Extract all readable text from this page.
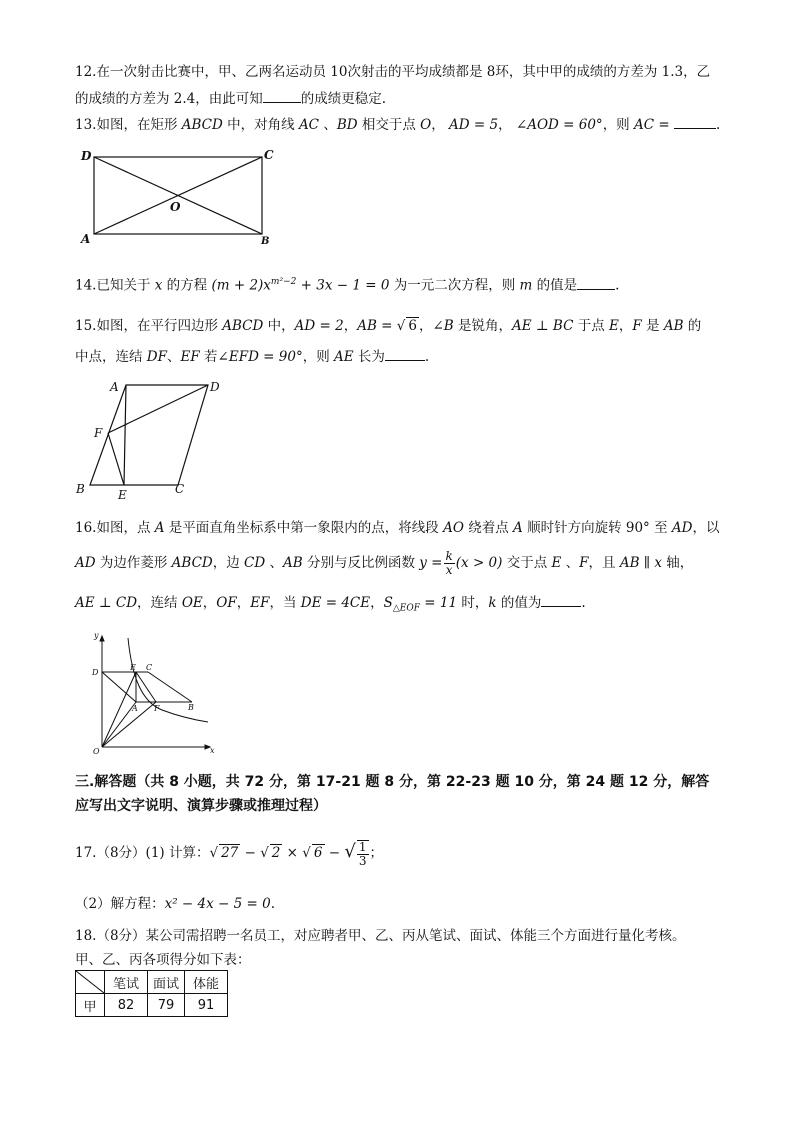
12.在一次射击比赛中，甲、乙两名运动员 10次射击的平均成绩都是 8环，其中甲的成绩的方差为 1.3，乙
的成绩的方差为 2.4，由此可知	的成绩更稳定.
13.如图，在矩形 ABCD 中，对角线 AC 、BD 相交于点 O， AD = 5， ∠AOD = 60°，则 AC =	.
D	C
O
A	B
14.已知关于 x 的方程 $(m + 2)x^{m^2-2} + 3x - 1 = 0$ 为一元二次方程，则 m 的值是	.
15.如图，在平行四边形 ABCD 中，AD = 2，AB = √ 6 ，∠B 是锐角，AE ⊥ BC 于点 E，F 是 AB 的
中点，连结 DF、EF 若∠EFD = 90°，则 AE 长为	.
A	D
F
B	E	C
16.如图，点 A 是平面直角坐标系中第一象限内的点，将线段 AO 绕着点 A 顺时针方向旋转 90° 至 AD，以
AD 为边作菱形 ABCD，边 CD 、AB 分别与反比例函数 $y = \frac{k}{x} (x > 0)$ 交于点 E 、F，且 AB ∥ x 轴，
AE ⊥ CD，连结 OE，OF，EF，当 DE = 4CE，$S_{\triangle EOF} = 11$ 时，k 的值为	.
y
x
O
D
E C
A F	B
三.解答题（共 8 小题，共 72 分，第 17-21 题 8 分，第 22-23 题 10 分，第 24 题 12 分，解答
应写出文字说明、演算步骤或推理过程）
17.（8分）(1) 计算：√ 27 − √ 2 × √ 6 − √ $\frac{1}{3}$ ；
（2）解方程：x² − 4x − 5 = 0.
18.（8分）某公司需招聘一名员工，对应聘者甲、乙、丙从笔试、面试、体能三个方面进行量化考核。
甲、乙、丙各项得分如下表：
	笔试	面试	体能
甲	82	79	91
